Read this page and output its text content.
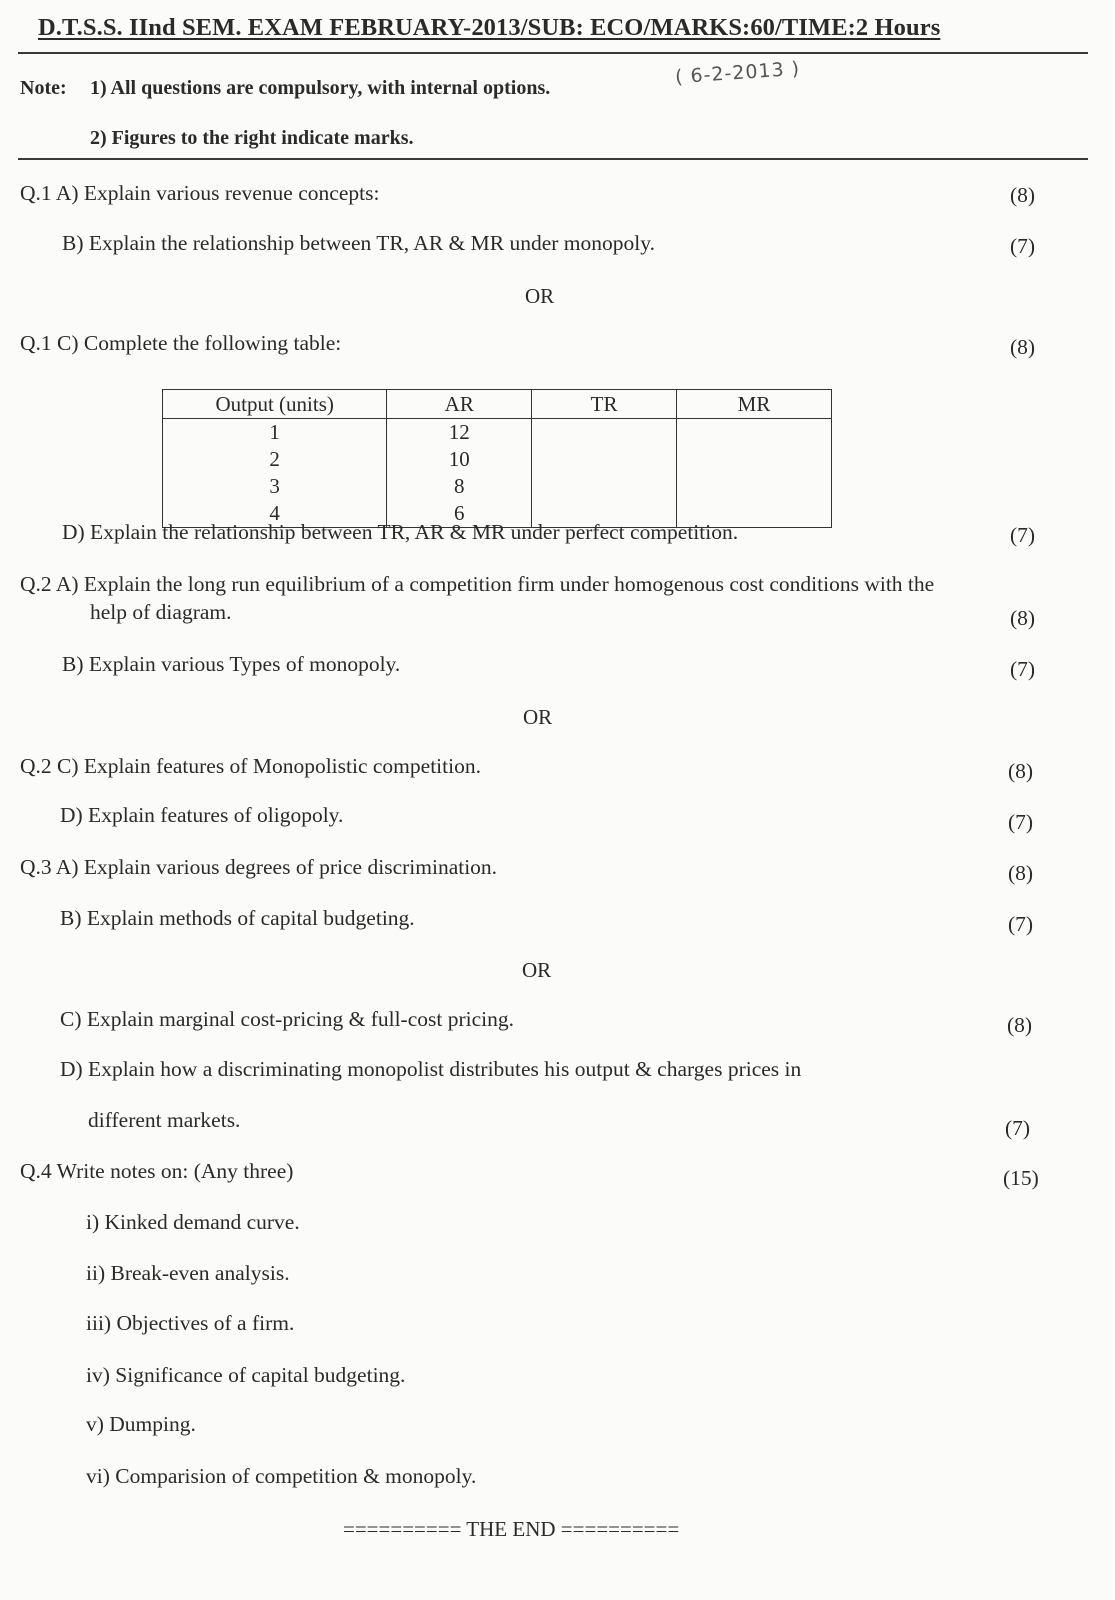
D.T.S.S. IInd SEM. EXAM FEBRUARY-2013/SUB: ECO/MARKS:60/TIME:2 Hours
Note: 1) All questions are compulsory, with internal options.	( 6-2-2013 )
2) Figures to the right indicate marks.
Q.1 A) Explain various revenue concepts:	(8)
B) Explain the relationship between TR, AR & MR under monopoly.	(7)
OR
Q.1 C) Complete the following table:	(8)
Output (units)	AR	TR	MR
1	12		
2	10		
3	8		
4	6		
D) Explain the relationship between TR, AR & MR under perfect competition.	(7)
Q.2 A) Explain the long run equilibrium of a competition firm under homogenous cost conditions with the
help of diagram.	(8)
B) Explain various Types of monopoly.	(7)
OR
Q.2 C) Explain features of Monopolistic competition.	(8)
D) Explain features of oligopoly.	(7)
Q.3 A) Explain various degrees of price discrimination.	(8)
B) Explain methods of capital budgeting.	(7)
OR
C) Explain marginal cost-pricing & full-cost pricing.	(8)
D) Explain how a discriminating monopolist distributes his output & charges prices in
different markets.	(7)
Q.4 Write notes on: (Any three)	(15)
i) Kinked demand curve.
ii) Break-even analysis.
iii) Objectives of a firm.
iv) Significance of capital budgeting.
v) Dumping.
vi) Comparision of competition & monopoly.
========== THE END ==========
